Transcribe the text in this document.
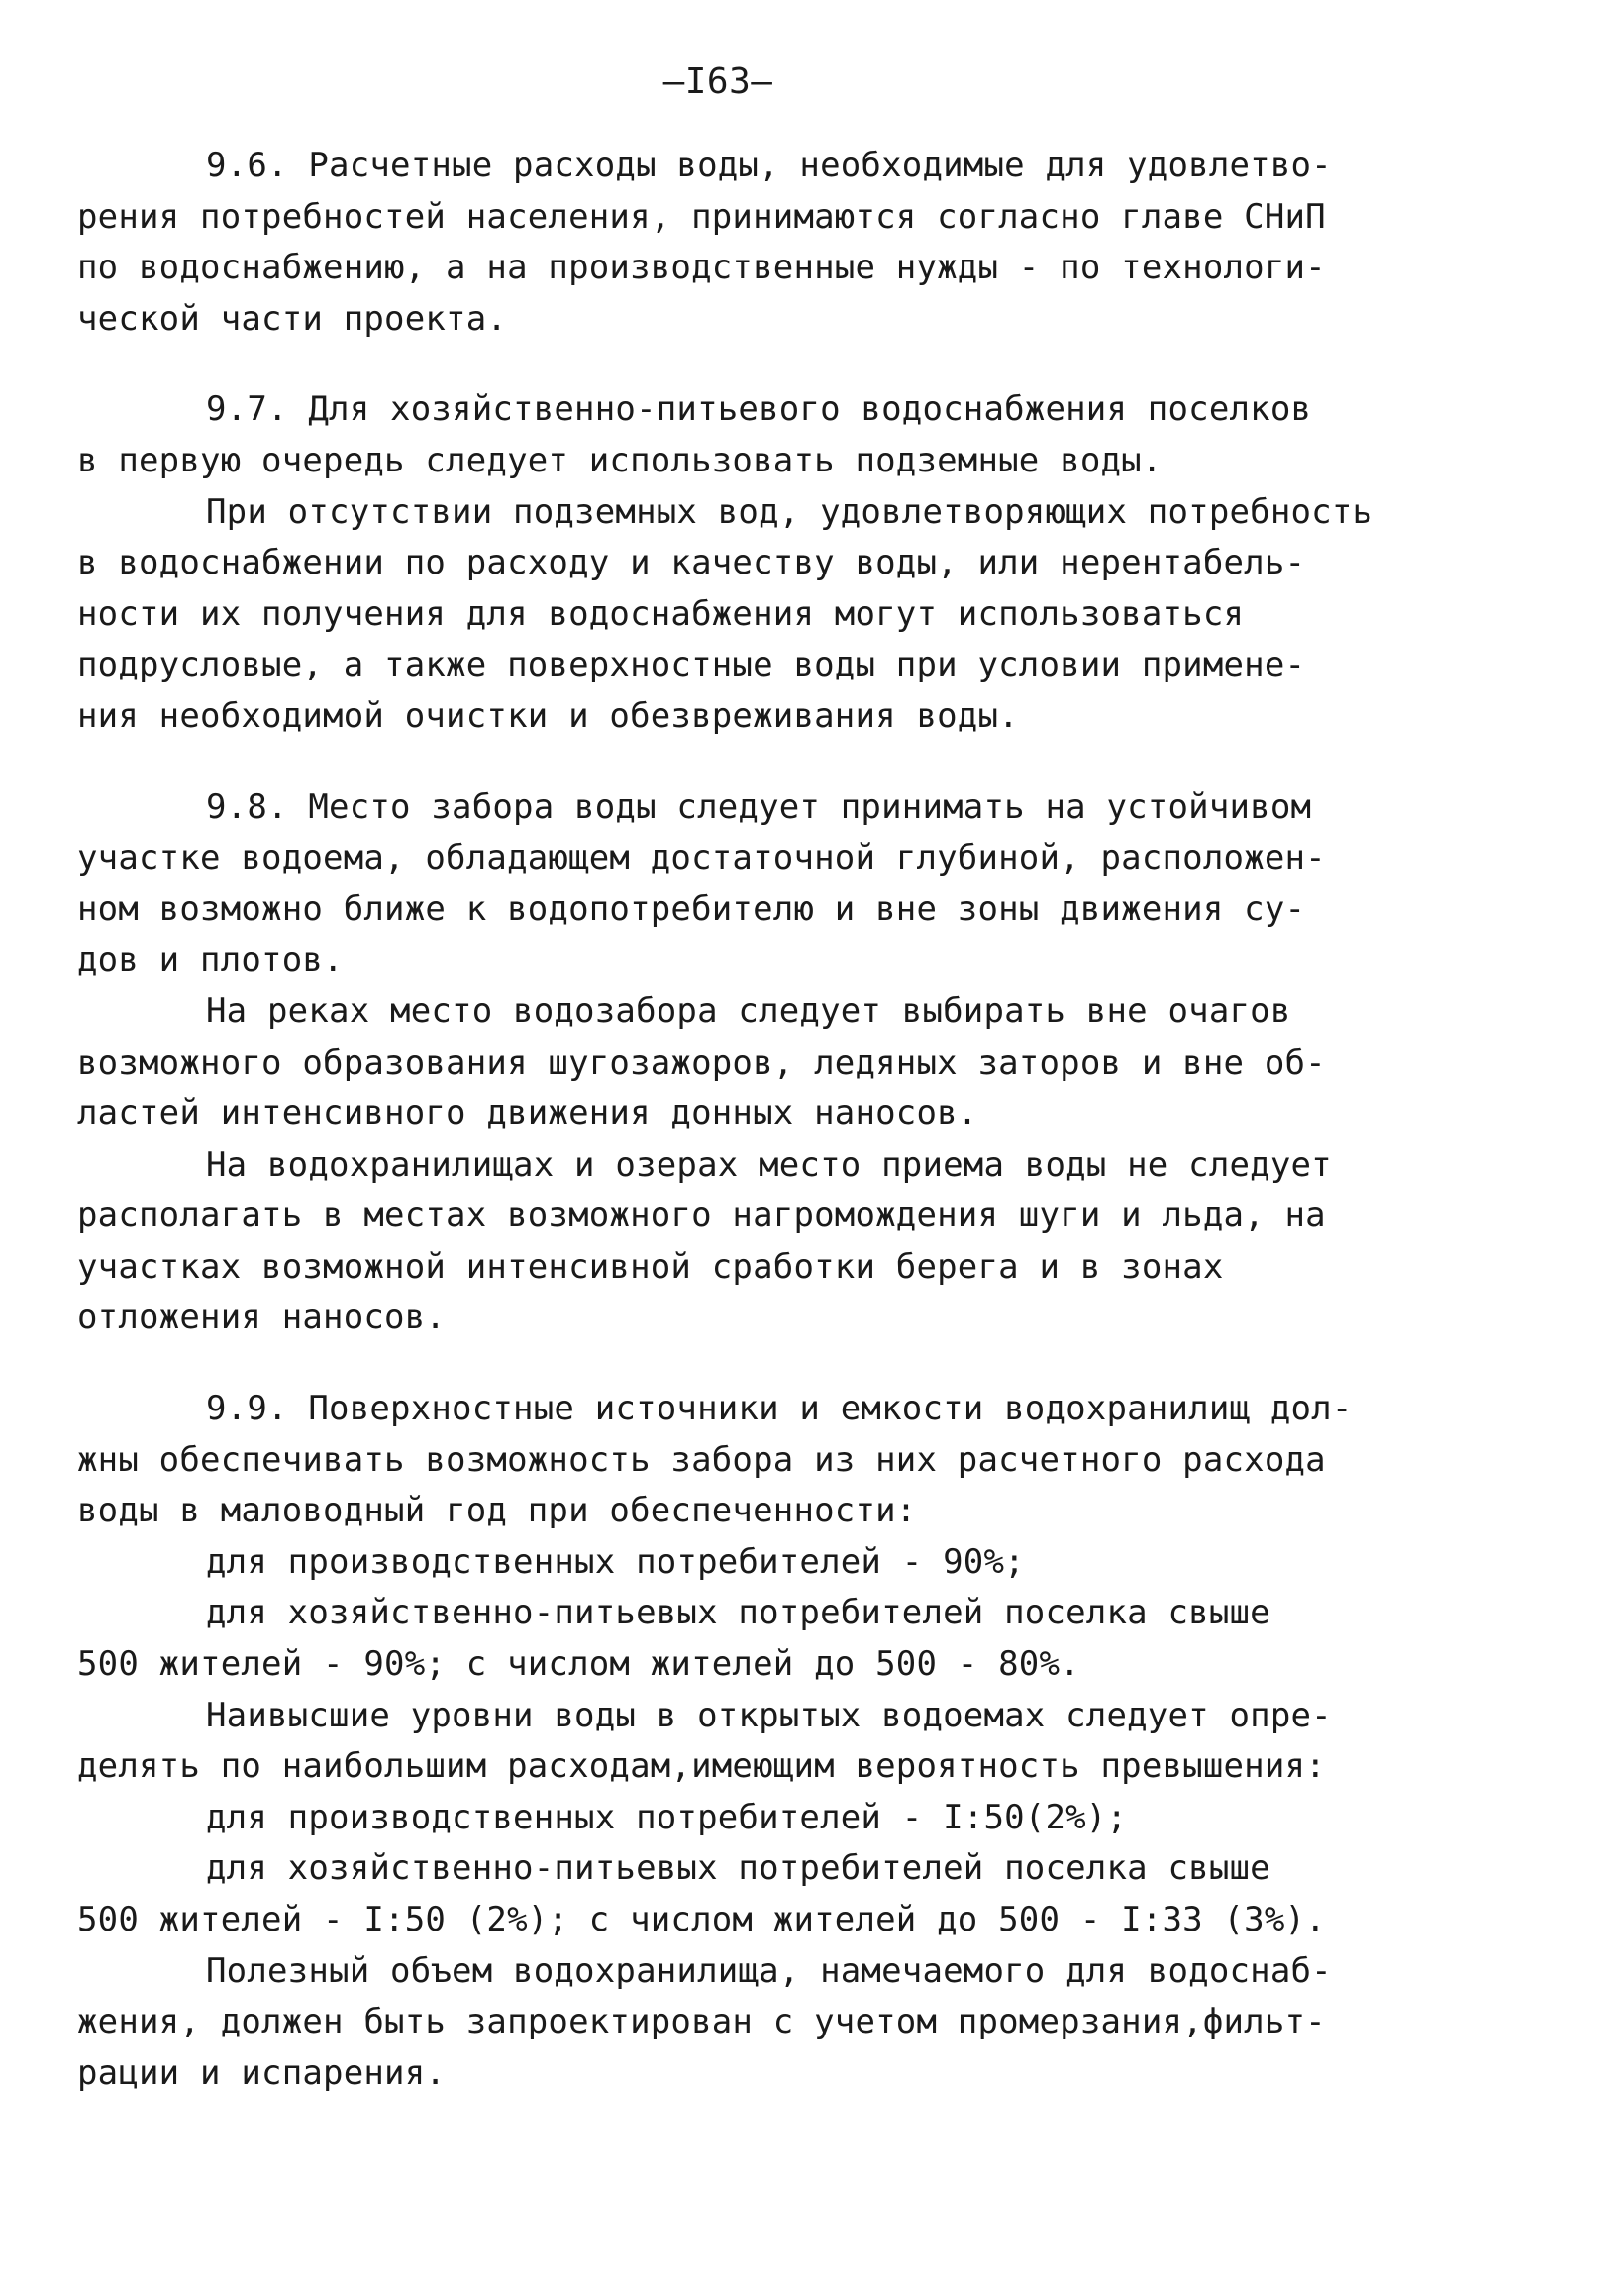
—I63—
9.6. Расчетные расходы воды, необходимые для удовлетво-
рения потребностей населения, принимаются согласно главе СНиП
по водоснабжению, а на производственные нужды - по технологи-
ческой части проекта.
9.7. Для хозяйственно-питьевого водоснабжения поселков
в первую очередь следует использовать подземные воды.
При отсутствии подземных вод, удовлетворяющих потребность
в водоснабжении по расходу и качеству воды, или нерентабель-
ности их получения для водоснабжения могут использоваться
подрусловые, а также поверхностные воды при условии примене-
ния необходимой очистки и обезвреживания воды.
9.8. Место забора воды следует принимать на устойчивом
участке водоема, обладающем достаточной глубиной, расположен-
ном возможно ближе к водопотребителю и вне зоны движения су-
дов и плотов.
На реках место водозабора следует выбирать вне очагов
возможного образования шугозажоров, ледяных заторов и вне об-
ластей интенсивного движения донных наносов.
На водохранилищах и озерах место приема воды не следует
располагать в местах возможного нагромождения шуги и льда, на
участках возможной интенсивной сработки берега и в зонах
отложения наносов.
9.9. Поверхностные источники и емкости водохранилищ дол-
жны обеспечивать возможность забора из них расчетного расхода
воды в маловодный год при обеспеченности:
для производственных потребителей - 90%;
для хозяйственно-питьевых потребителей поселка свыше
500 жителей - 90%; с числом жителей до 500 - 80%.
Наивысшие уровни воды в открытых водоемах следует опре-
делять по наибольшим расходам,имеющим вероятность превышения:
для производственных потребителей - I:50(2%);
для хозяйственно-питьевых потребителей поселка свыше
500 жителей - I:50 (2%); с числом жителей до 500 - I:33 (3%).
Полезный объем водохранилища, намечаемого для водоснаб-
жения, должен быть запроектирован с учетом промерзания,фильт-
рации и испарения.
